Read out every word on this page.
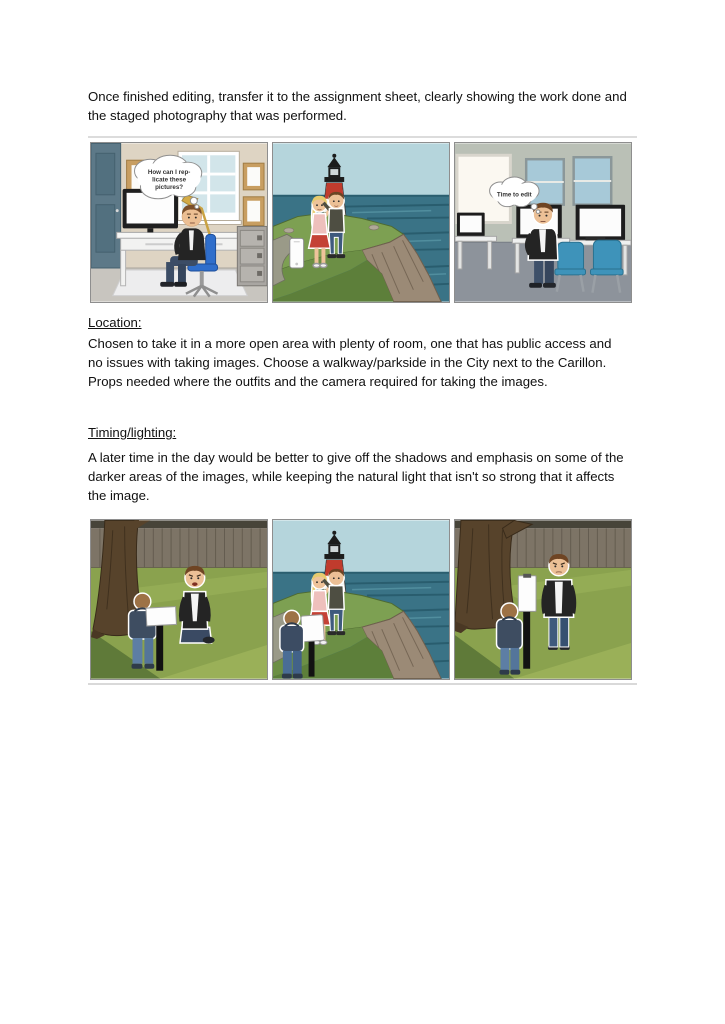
Once finished editing, transfer it to the assignment sheet, clearly showing the work done and
the staged photography that was performed.
How can I rep-
licate these
pictures?
Time to edit
Location:
Chosen to take it in a more open area with plenty of room, one that has public access and
no issues with taking images. Choose a walkway/parkside in the City next to the Carillon.
Props needed where the outfits and the camera required for taking the images.
Timing/lighting:
A later time in the day would be better to give off the shadows and emphasis on some of the
darker areas of the images, while keeping the natural light that isn't so strong that it affects
the image.
